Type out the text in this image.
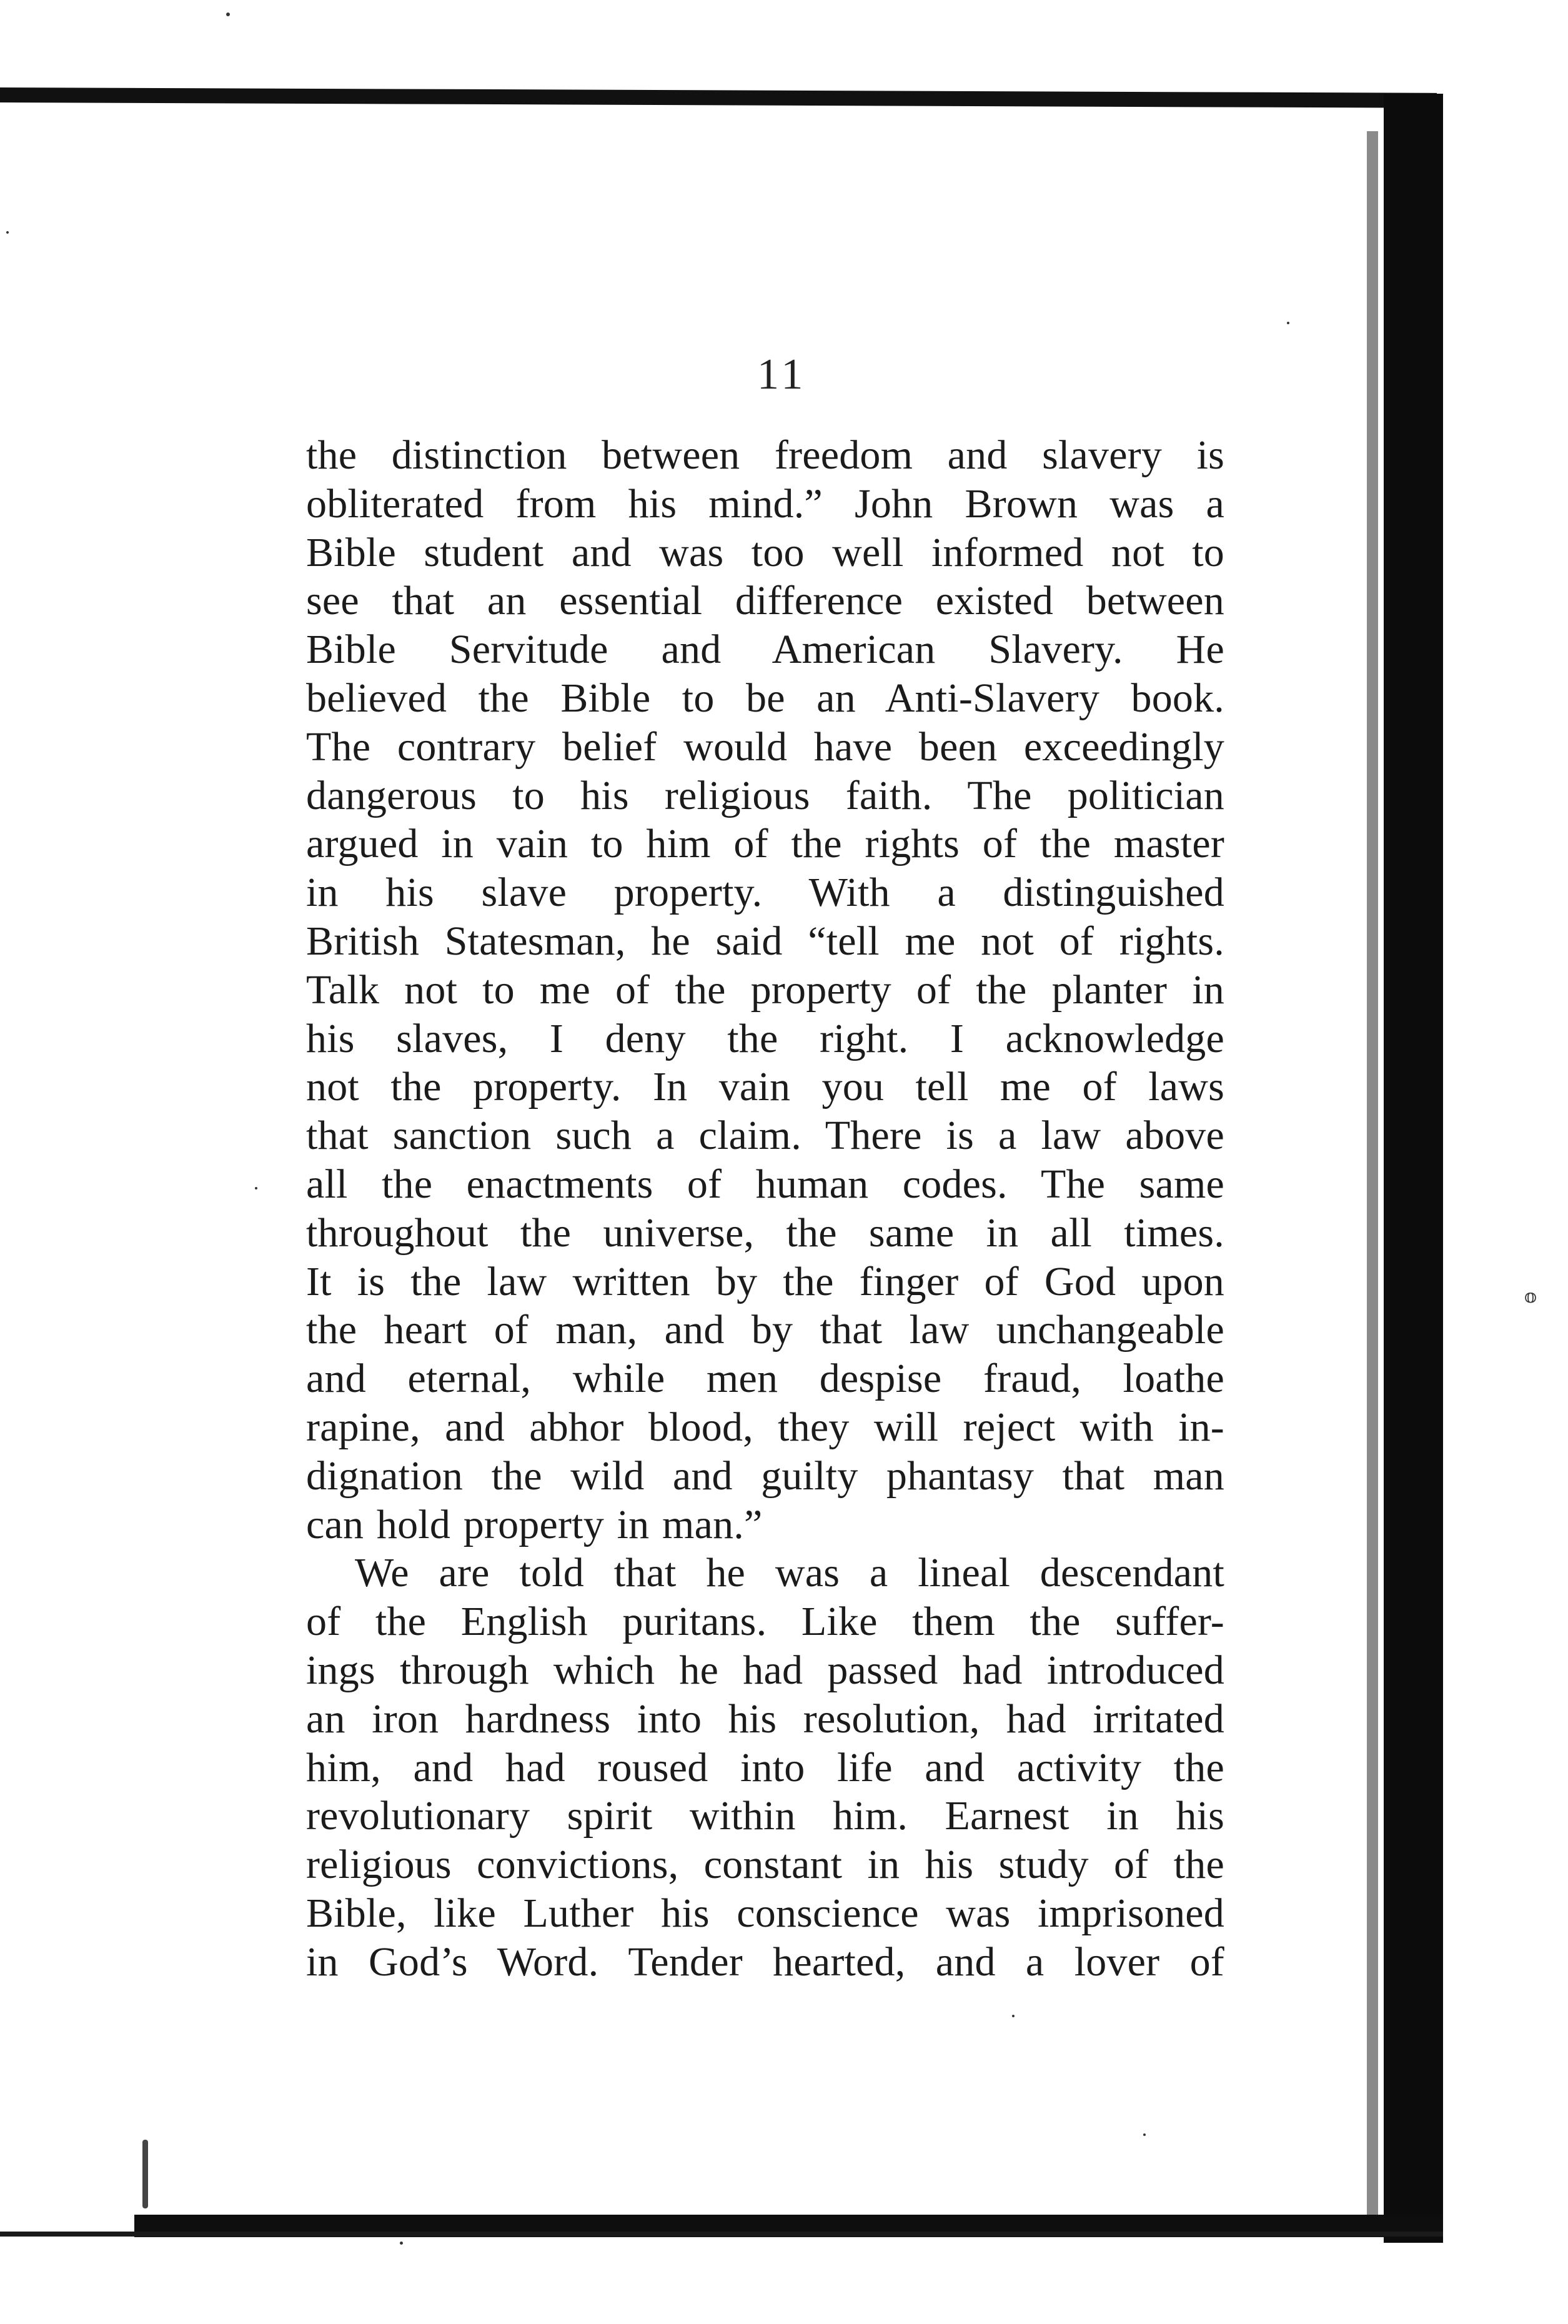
𝕠
11
the distinction between freedom and slavery is
obliterated from his mind.” John Brown was a
Bible student and was too well informed not to
see that an essential difference existed between
Bible Servitude and American Slavery. He
believed the Bible to be an Anti-Slavery book.
The contrary belief would have been exceedingly
dangerous to his religious faith. The politician
argued in vain to him of the rights of the master
in his slave property. With a distinguished
British Statesman, he said “tell me not of rights.
Talk not to me of the property of the planter in
his slaves, I deny the right. I acknowledge
not the property. In vain you tell me of laws
that sanction such a claim. There is a law above
all the enactments of human codes. The same
throughout the universe, the same in all times.
It is the law written by the finger of God upon
the heart of man, and by that law unchangeable
and eternal, while men despise fraud, loathe
rapine, and abhor blood, they will reject with in-
dignation the wild and guilty phantasy that man
can hold property in man.”
We are told that he was a lineal descendant
of the English puritans. Like them the suffer-
ings through which he had passed had introduced
an iron hardness into his resolution, had irritated
him, and had roused into life and activity the
revolutionary spirit within him. Earnest in his
religious convictions, constant in his study of the
Bible, like Luther his conscience was imprisoned
in God’s Word. Tender hearted, and a lover of
